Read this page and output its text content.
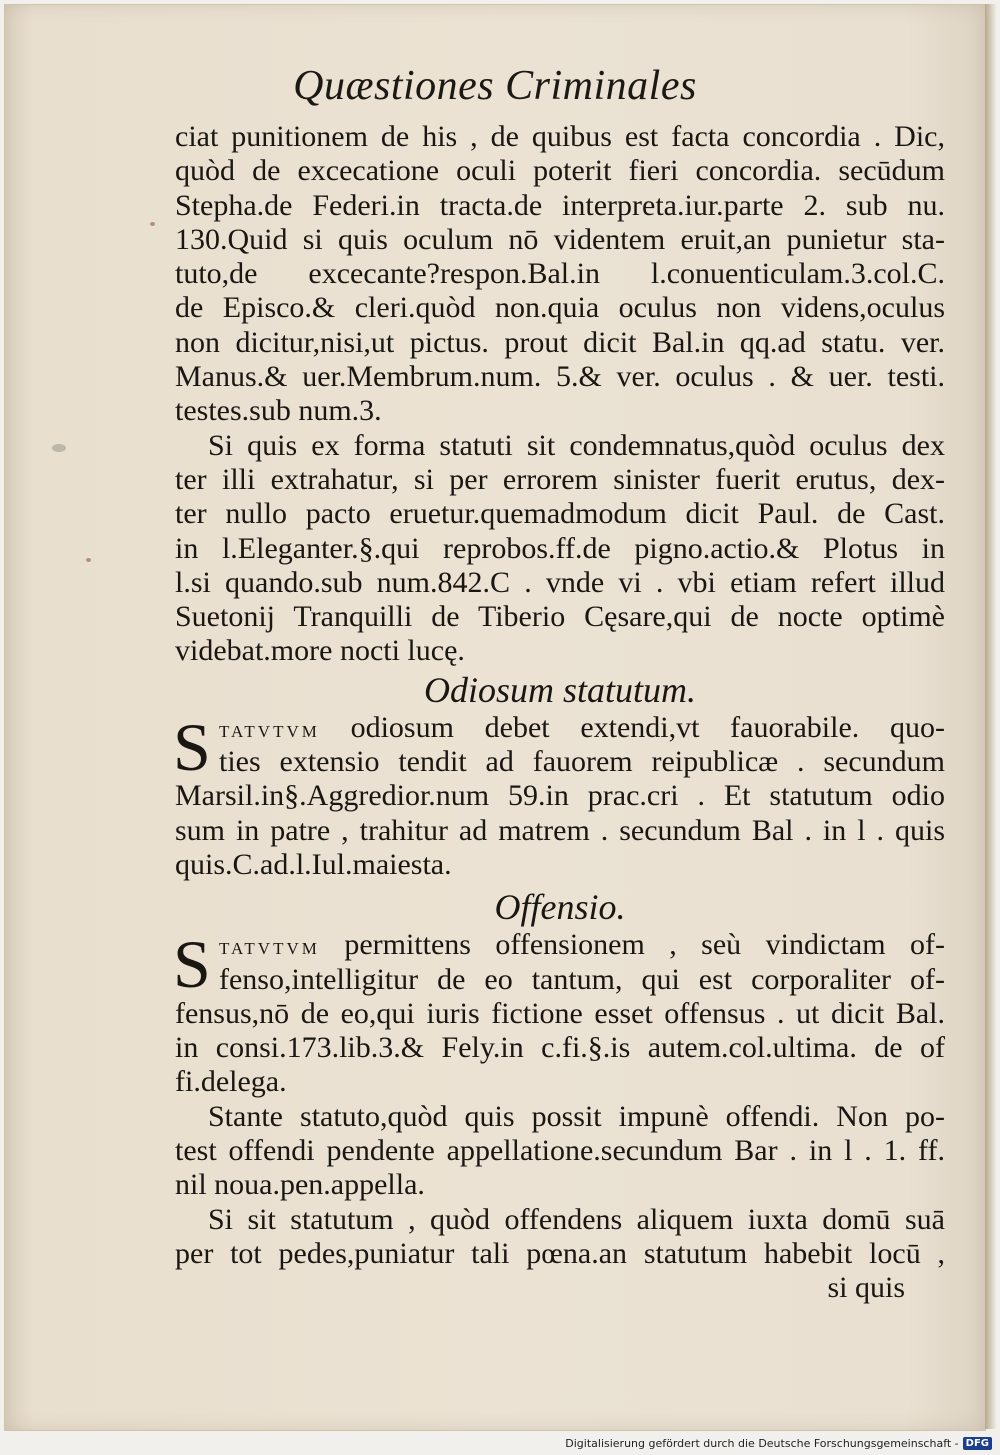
Quæstiones Criminales
ciat punitionem de his , de quibus est facta concordia . Dic,
quòd de excecatione oculi poterit fieri concordia. secūdum
Stepha.de Federi.in tracta.de interpreta.iur.parte 2. sub nu.
130.Quid si quis oculum nō videntem eruit,an punietur sta-
tuto,de excecante?respon.Bal.in l.conuenticulam.3.col.C.
de Episco.& cleri.quòd non.quia oculus non videns,oculus
non dicitur,nisi,ut pictus. prout dicit Bal.in qq.ad statu. ver.
Manus.& uer.Membrum.num. 5.& ver. oculus . & uer. testi.
testes.sub num.3.
Si quis ex forma statuti sit condemnatus,quòd oculus dex
ter illi extrahatur, si per errorem sinister fuerit erutus, dex-
ter nullo pacto eruetur.quemadmodum dicit Paul. de Cast.
in l.Eleganter.§.qui reprobos.ff.de pigno.actio.& Plotus in
l.si quando.sub num.842.C . vnde vi . vbi etiam refert illud
Suetonij Tranquilli de Tiberio Cęsare,qui de nocte optimè
videbat.more nocti lucę.
Odiosum statutum.
S tatvtvm odiosum debet extendi,vt fauorabile. quo-
ties extensio tendit ad fauorem reipublicæ . secundum
Marsil.in§.Aggredior.num 59.in prac.cri . Et statutum odio
sum in patre , trahitur ad matrem . secundum Bal . in l . quis
quis.C.ad.l.Iul.maiesta.
Offensio.
S tatvtvm permittens offensionem , seù vindictam of-
fenso,intelligitur de eo tantum, qui est corporaliter of-
fensus,nō de eo,qui iuris fictione esset offensus . ut dicit Bal.
in consi.173.lib.3.& Fely.in c.fi.§.is autem.col.ultima. de of
fi.delega.
Stante statuto,quòd quis possit impunè offendi. Non po-
test offendi pendente appellatione.secundum Bar . in l . 1. ff.
nil noua.pen.appella.
Si sit statutum , quòd offendens aliquem iuxta domū suā
per tot pedes,puniatur tali pœna.an statutum habebit locū ,
si quis
Digitalisierung gefördert durch die Deutsche Forschungsgemeinschaft - DFG
